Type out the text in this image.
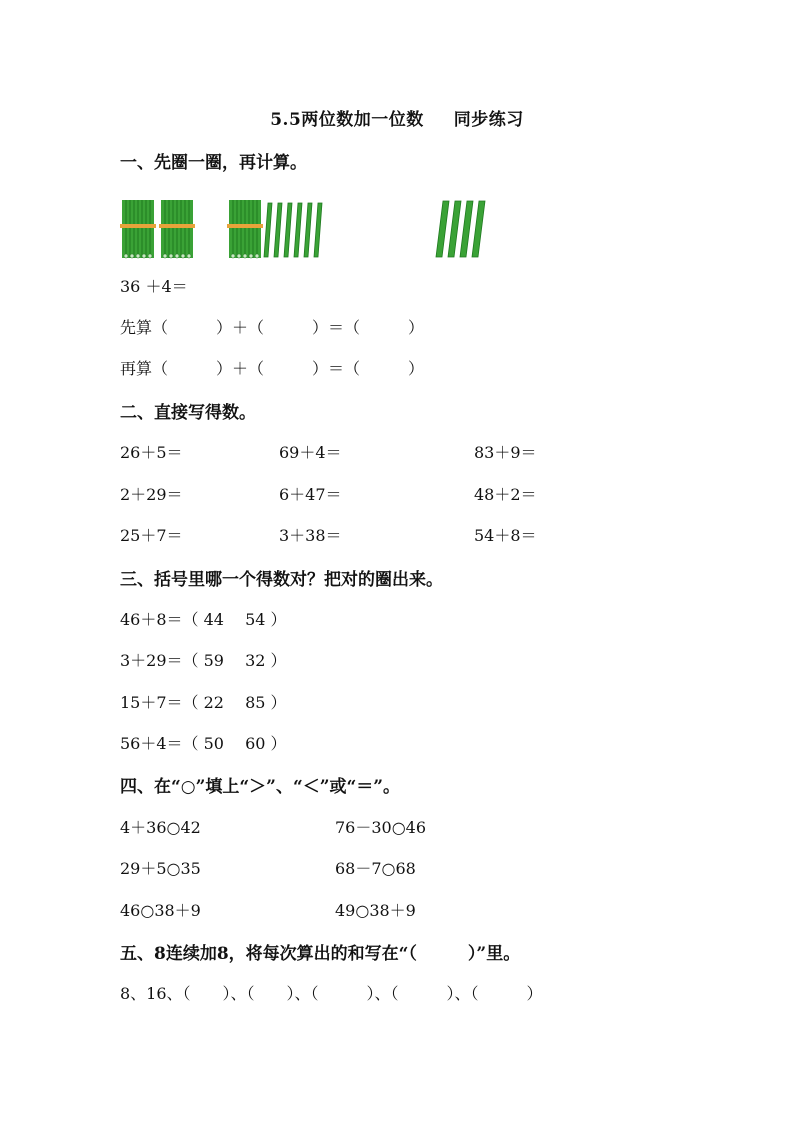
5.5两位数加一位数 同步练习
一、先圈一圈，再计算。
36 ＋4＝
先算（　　　）＋（　　　）＝（　　　）
再算（　　　）＋（　　　）＝（　　　）
二、直接写得数。
26＋5＝	69＋4＝	83＋9＝
2＋29＝	6＋47＝	48＋2＝
25＋7＝	3＋38＝	54＋8＝
三、括号里哪一个得数对？把对的圈出来。
46＋8＝（ 44　 54 ）
3＋29＝（ 59　 32 ）
15＋7＝（ 22　 85 ）
56＋4＝（ 50　 60 ）
四、在“○”填上“＞”、“＜”或“＝”。
4＋36○42	76－30○46
29＋5○35	68－7○68
46○38＋9	49○38＋9
五、8连续加8，将每次算出的和写在“（　　　）”里。
8、16、（　　）、（　　）、（　　　）、（　　　）、（　　　）
